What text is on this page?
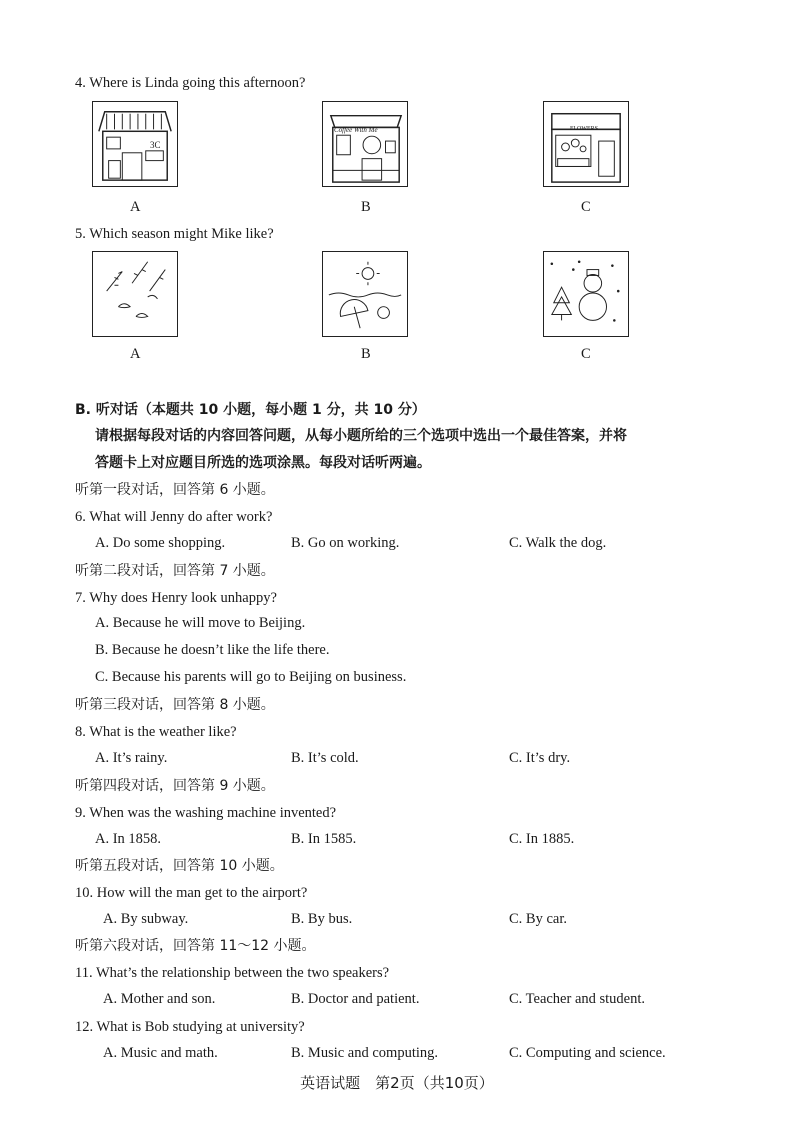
4. Where is Linda going this afternoon?
3C
Coffee With Me	FLOWERS
A	B	C
5. Which season might Mike like?
A	B	C
B. 听对话（本题共 10 小题，每小题 1 分，共 10 分）
请根据每段对话的内容回答问题，从每小题所给的三个选项中选出一个最佳答案，并将
答题卡上对应题目所选的选项涂黑。每段对话听两遍。
听第一段对话，回答第 6 小题。
6. What will Jenny do after work?
A. Do some shopping.	B. Go on working.	C. Walk the dog.
听第二段对话，回答第 7 小题。
7. Why does Henry look unhappy?
A. Because he will move to Beijing.
B. Because he doesn’t like the life there.
C. Because his parents will go to Beijing on business.
听第三段对话，回答第 8 小题。
8. What is the weather like?
A. It’s rainy.	B. It’s cold.	C. It’s dry.
听第四段对话，回答第 9 小题。
9. When was the washing machine invented?
A. In 1858.	B. In 1585.	C. In 1885.
听第五段对话，回答第 10 小题。
10. How will the man get to the airport?
A. By subway.	B. By bus.	C. By car.
听第六段对话，回答第 11～12 小题。
11. What’s the relationship between the two speakers?
A. Mother and son.	B. Doctor and patient.	C. Teacher and student.
12. What is Bob studying at university?
A. Music and math.	B. Music and computing.	C. Computing and science.
英语试题　第2页（共10页）
